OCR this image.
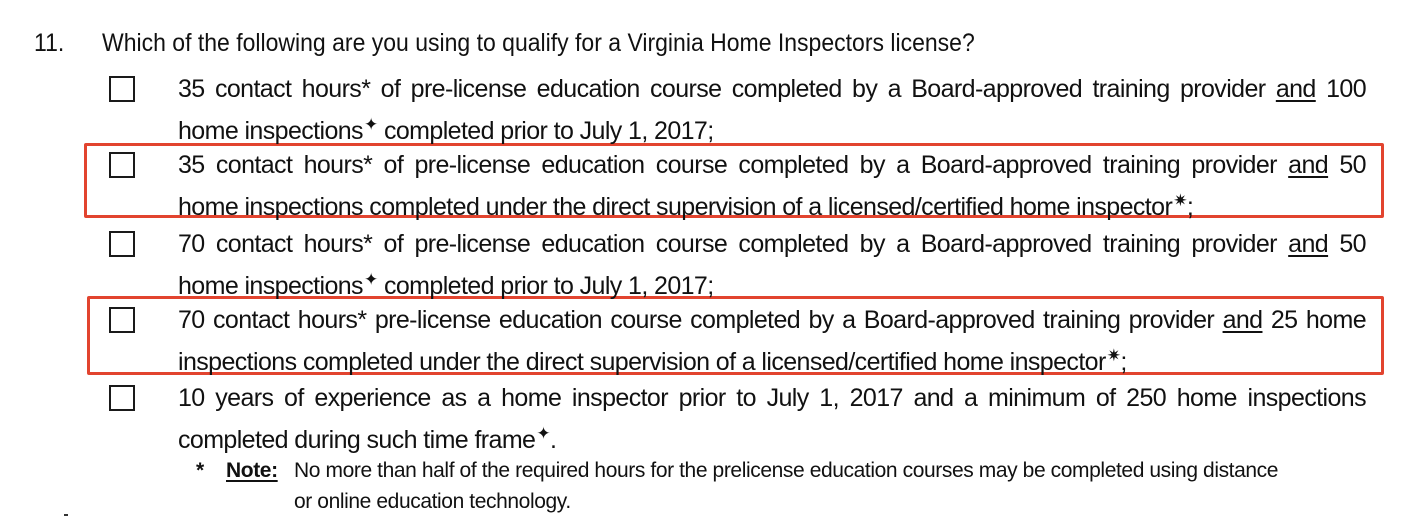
11. Which of the following are you using to qualify for a Virginia Home Inspectors license?
35 contact hours* of pre-license education course completed by a Board-approved training provider and 100
home inspections✦ completed prior to July 1, 2017;
35 contact hours* of pre-license education course completed by a Board-approved training provider and 50
home inspections completed under the direct supervision of a licensed/certified home inspector✷;
70 contact hours* of pre-license education course completed by a Board-approved training provider and 50
home inspections✦ completed prior to July 1, 2017;
70 contact hours* pre-license education course completed by a Board-approved training provider and 25 home
inspections completed under the direct supervision of a licensed/certified home inspector✷;
10 years of experience as a home inspector prior to July 1, 2017 and a minimum of 250 home inspections
completed during such time frame✦.
* Note: No more than half of the required hours for the prelicense education courses may be completed using distance
or online education technology.
